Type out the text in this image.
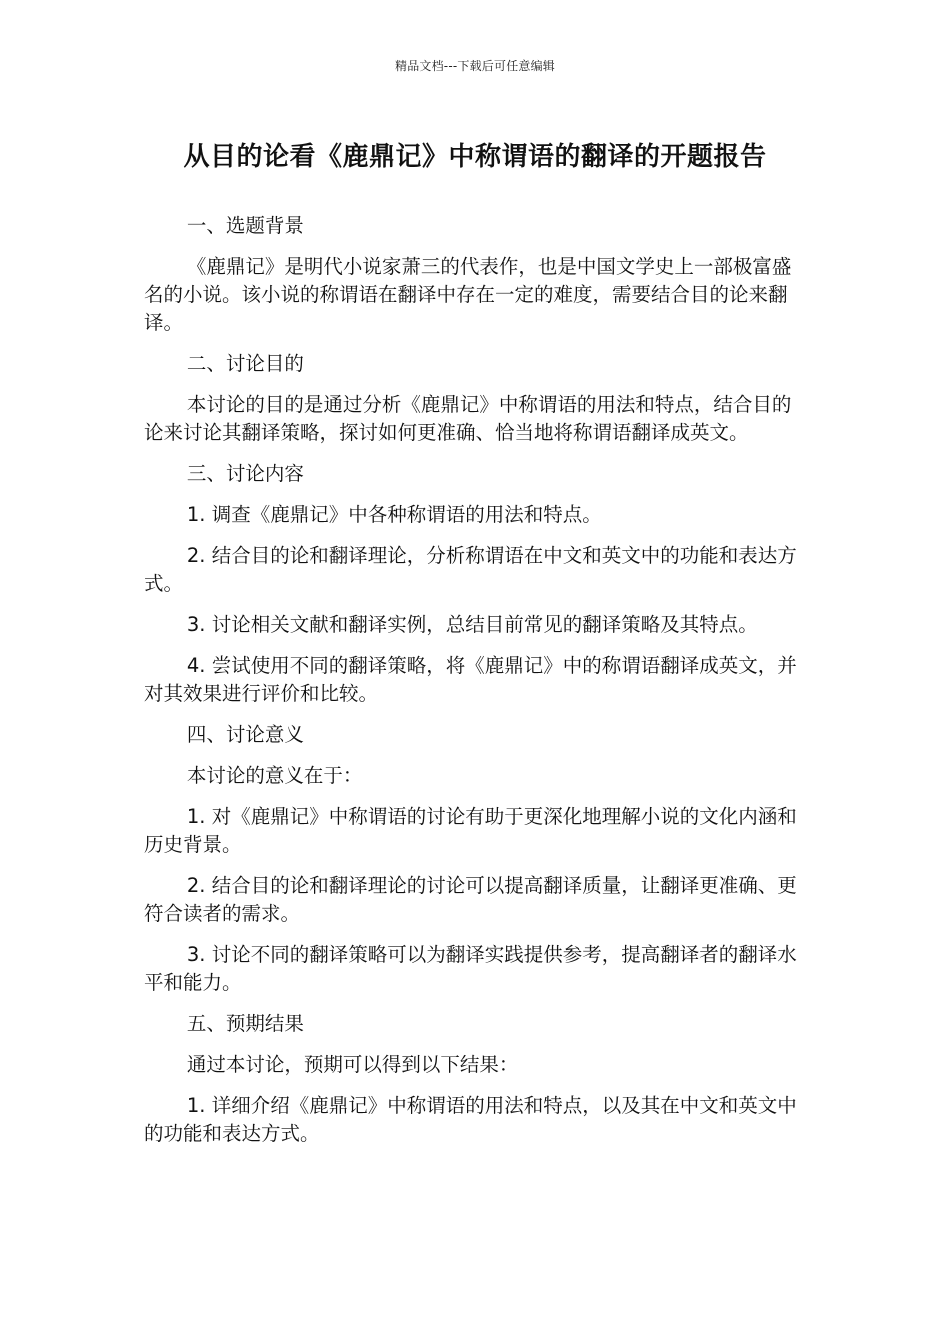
精品文档---下载后可任意编辑
从目的论看《鹿鼎记》中称谓语的翻译的开题报告

一、选题背景

《鹿鼎记》是明代小说家萧三的代表作，也是中国文学史上一部极富盛名的小说。该小说的称谓语在翻译中存在一定的难度，需要结合目的论来翻译。

二、讨论目的

本讨论的目的是通过分析《鹿鼎记》中称谓语的用法和特点，结合目的论来讨论其翻译策略，探讨如何更准确、恰当地将称谓语翻译成英文。

三、讨论内容

1. 调查《鹿鼎记》中各种称谓语的用法和特点。

2. 结合目的论和翻译理论，分析称谓语在中文和英文中的功能和表达方式。

3. 讨论相关文献和翻译实例，总结目前常见的翻译策略及其特点。

4. 尝试使用不同的翻译策略，将《鹿鼎记》中的称谓语翻译成英文，并对其效果进行评价和比较。

四、讨论意义

本讨论的意义在于：

1. 对《鹿鼎记》中称谓语的讨论有助于更深化地理解小说的文化内涵和历史背景。

2. 结合目的论和翻译理论的讨论可以提高翻译质量，让翻译更准确、更符合读者的需求。

3. 讨论不同的翻译策略可以为翻译实践提供参考，提高翻译者的翻译水平和能力。

五、预期结果

通过本讨论，预期可以得到以下结果：

1. 详细介绍《鹿鼎记》中称谓语的用法和特点，以及其在中文和英文中的功能和表达方式。
